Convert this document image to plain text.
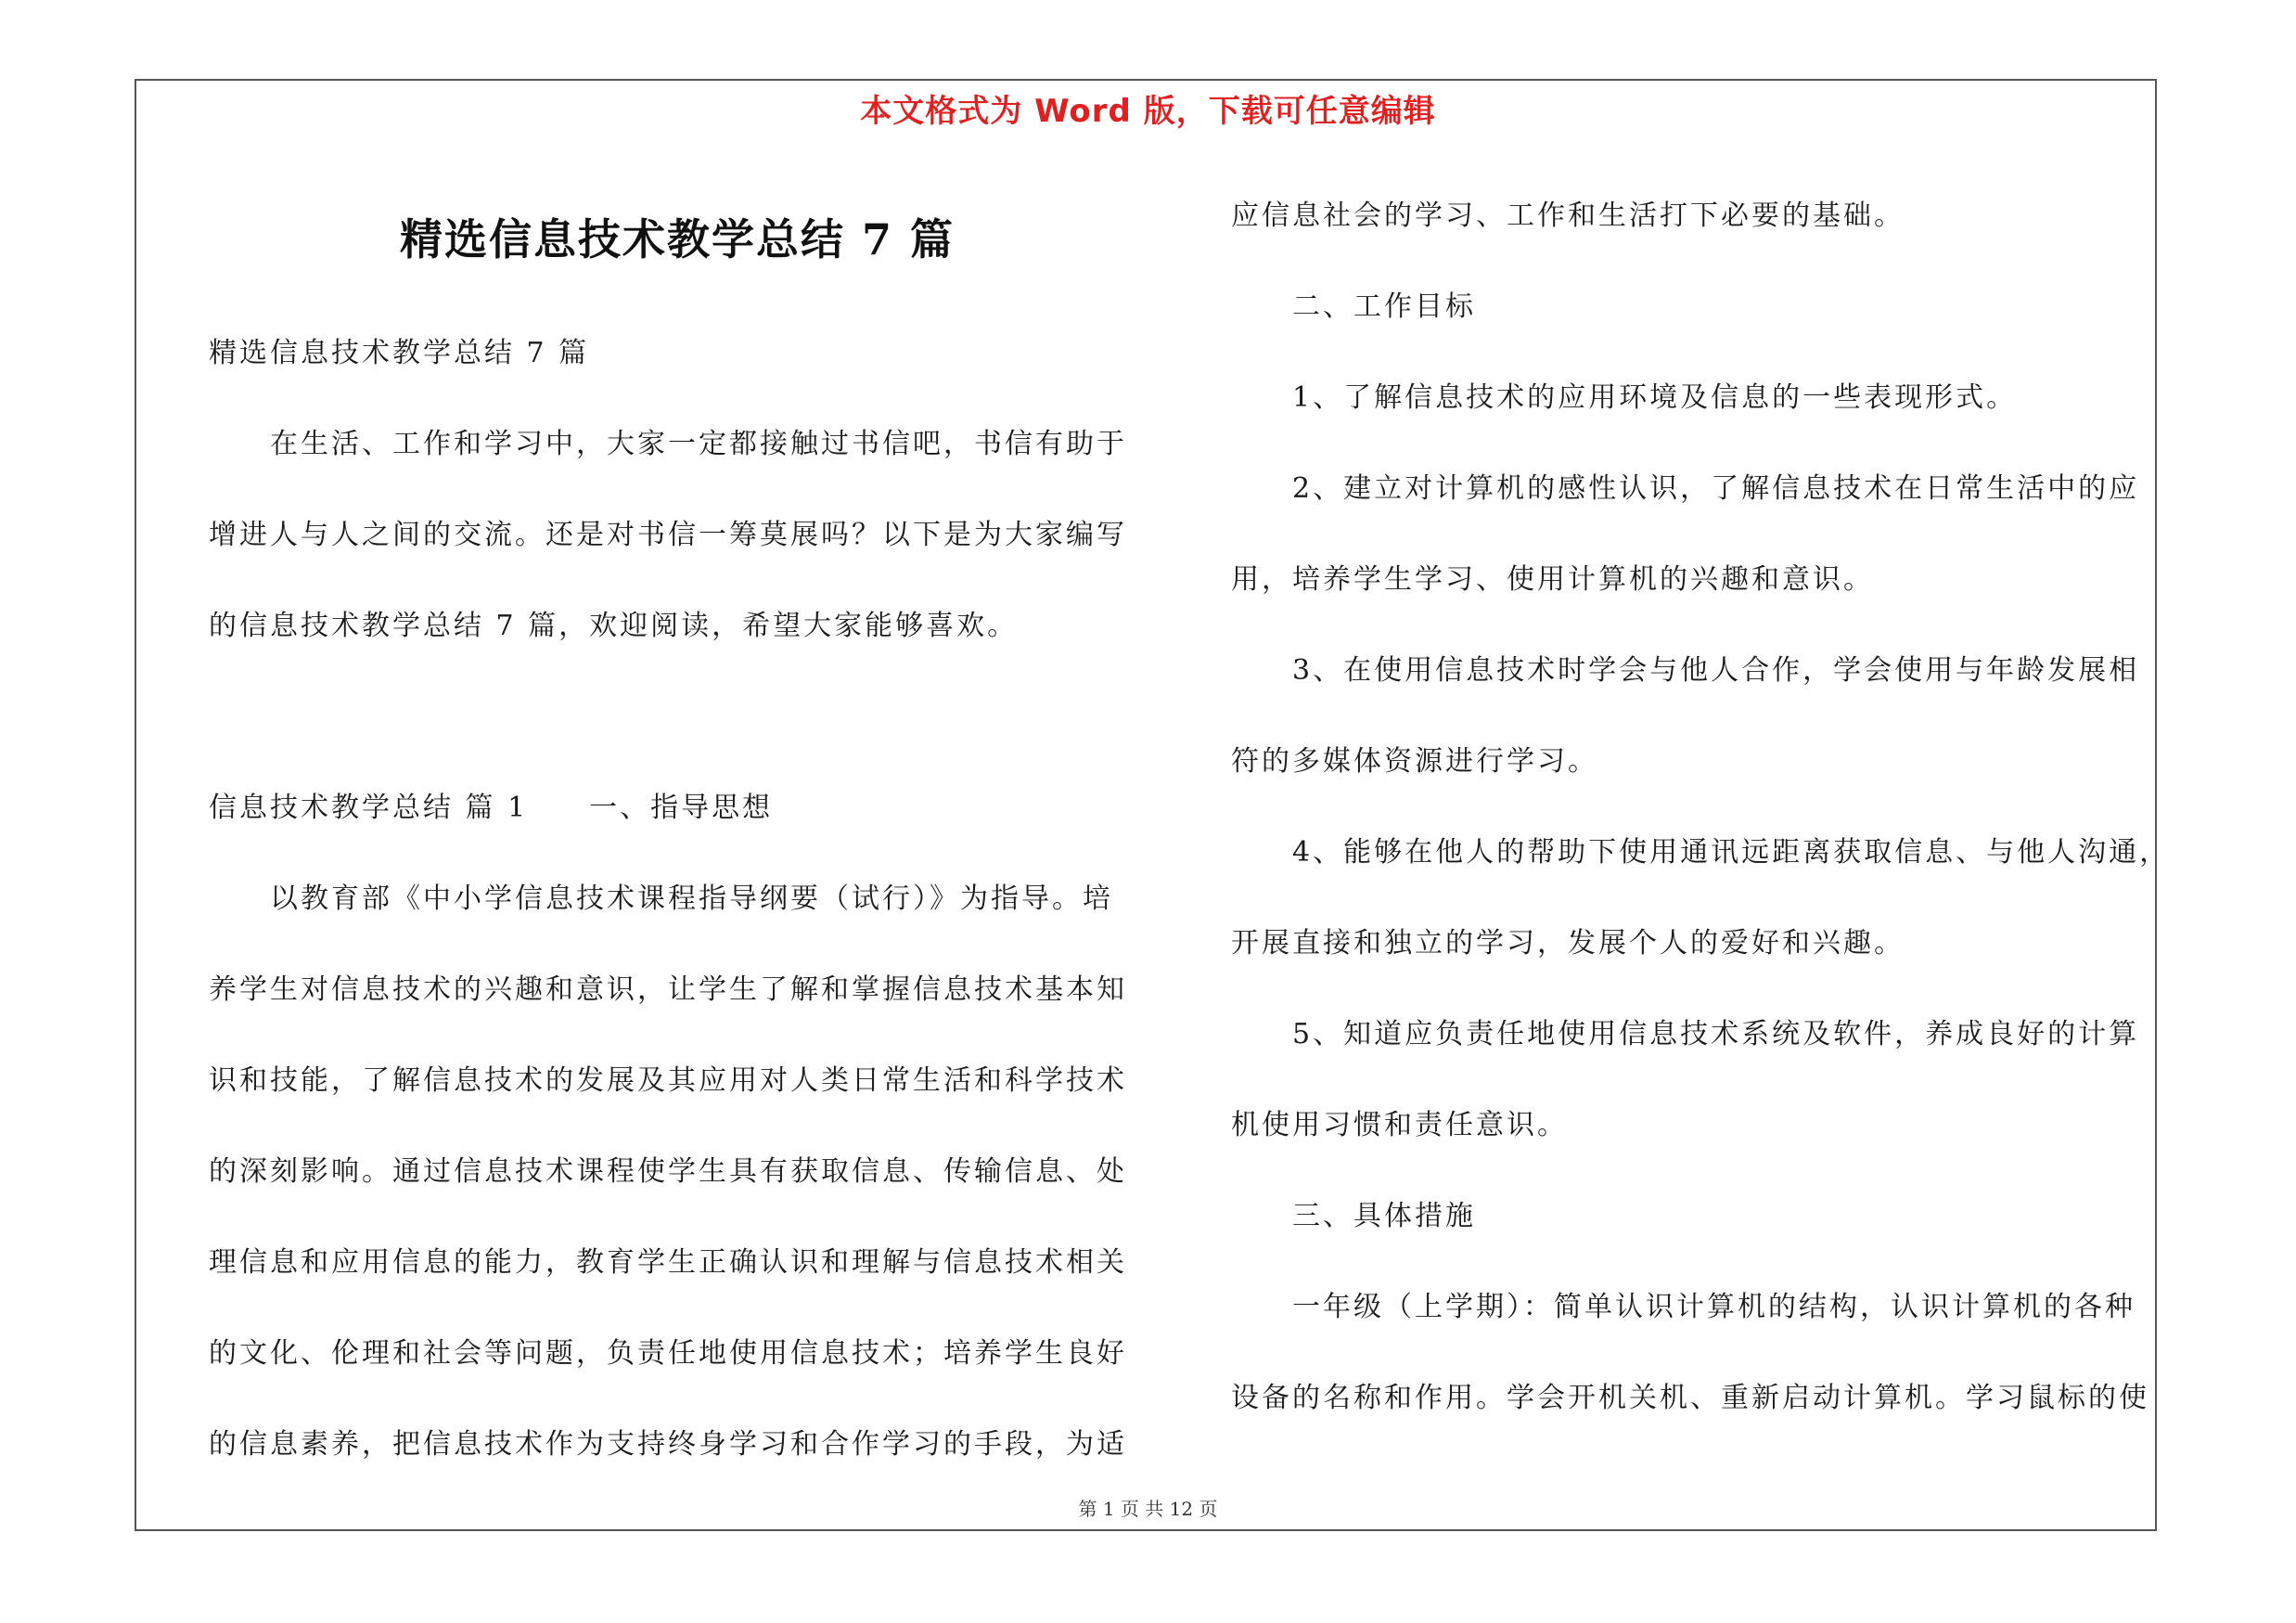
本文格式为 Word 版，下载可任意编辑
精选信息技术教学总结 7 篇
精选信息技术教学总结 7 篇
　　在生活、工作和学习中，大家一定都接触过书信吧，书信有助于
增进人与人之间的交流。还是对书信一筹莫展吗？以下是为大家编写
的信息技术教学总结 7 篇，欢迎阅读，希望大家能够喜欢。
信息技术教学总结 篇 1　　一、指导思想
　　以教育部《中小学信息技术课程指导纲要（试行）》为指导。培
养学生对信息技术的兴趣和意识，让学生了解和掌握信息技术基本知
识和技能，了解信息技术的发展及其应用对人类日常生活和科学技术
的深刻影响。通过信息技术课程使学生具有获取信息、传输信息、处
理信息和应用信息的能力，教育学生正确认识和理解与信息技术相关
的文化、伦理和社会等问题，负责任地使用信息技术；培养学生良好
的信息素养，把信息技术作为支持终身学习和合作学习的手段，为适
应信息社会的学习、工作和生活打下必要的基础。
　　二、工作目标
　　1、了解信息技术的应用环境及信息的一些表现形式。
　　2、建立对计算机的感性认识，了解信息技术在日常生活中的应
用，培养学生学习、使用计算机的兴趣和意识。
　　3、在使用信息技术时学会与他人合作，学会使用与年龄发展相
符的多媒体资源进行学习。
　　4、能够在他人的帮助下使用通讯远距离获取信息、与他人沟通，
开展直接和独立的学习，发展个人的爱好和兴趣。
　　5、知道应负责任地使用信息技术系统及软件，养成良好的计算
机使用习惯和责任意识。
　　三、具体措施
　　一年级（上学期）：简单认识计算机的结构，认识计算机的各种
设备的名称和作用。学会开机关机、重新启动计算机。学习鼠标的使
第 1 页 共 12 页
